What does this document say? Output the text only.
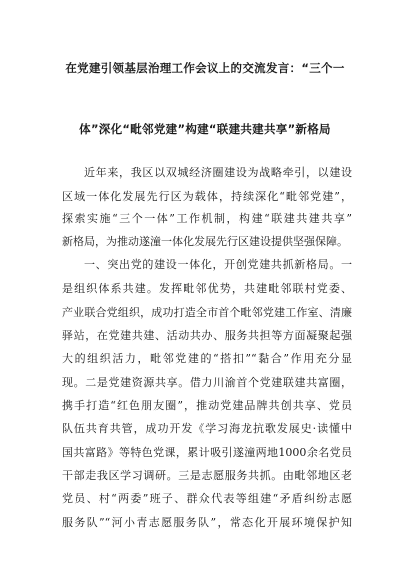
在党建引领基层治理工作会议上的交流发言：“三个一
体”深化“毗邻党建”构建“联建共建共享”新格局
近年来，我区以双城经济圈建设为战略牵引，以建设
区域一体化发展先行区为载体，持续深化“毗邻党建”，
探索实施“三个一体”工作机制，构建“联建共建共享”
新格局，为推动遂潼一体化发展先行区建设提供坚强保障。
一、突出党的建设一体化，开创党建共抓新格局。一
是组织体系共建。发挥毗邻优势，共建毗邻联村党委、
产业联合党组织，成功打造全市首个毗邻党建工作室、清廉
驿站，在党建共建、活动共办、服务共担等方面凝聚起强
大的组织活力，毗邻党建的“搭扣”“黏合”作用充分显
现。二是党建资源共享。借力川渝首个党建联建共富圈，
携手打造“红色朋友圈”，推动党建品牌共创共享、党员
队伍共育共管，成功开发《学习海龙抗歌发展史·读懂中
国共富路》等特色党课，累计吸引遂潼两地1000余名党员
干部走我区学习调研。三是志愿服务共抓。由毗邻地区老
党员、村“两委”班子、群众代表等组建“矛盾纠纷志愿
服务队”“河小青志愿服务队”，常态化开展环境保护知
